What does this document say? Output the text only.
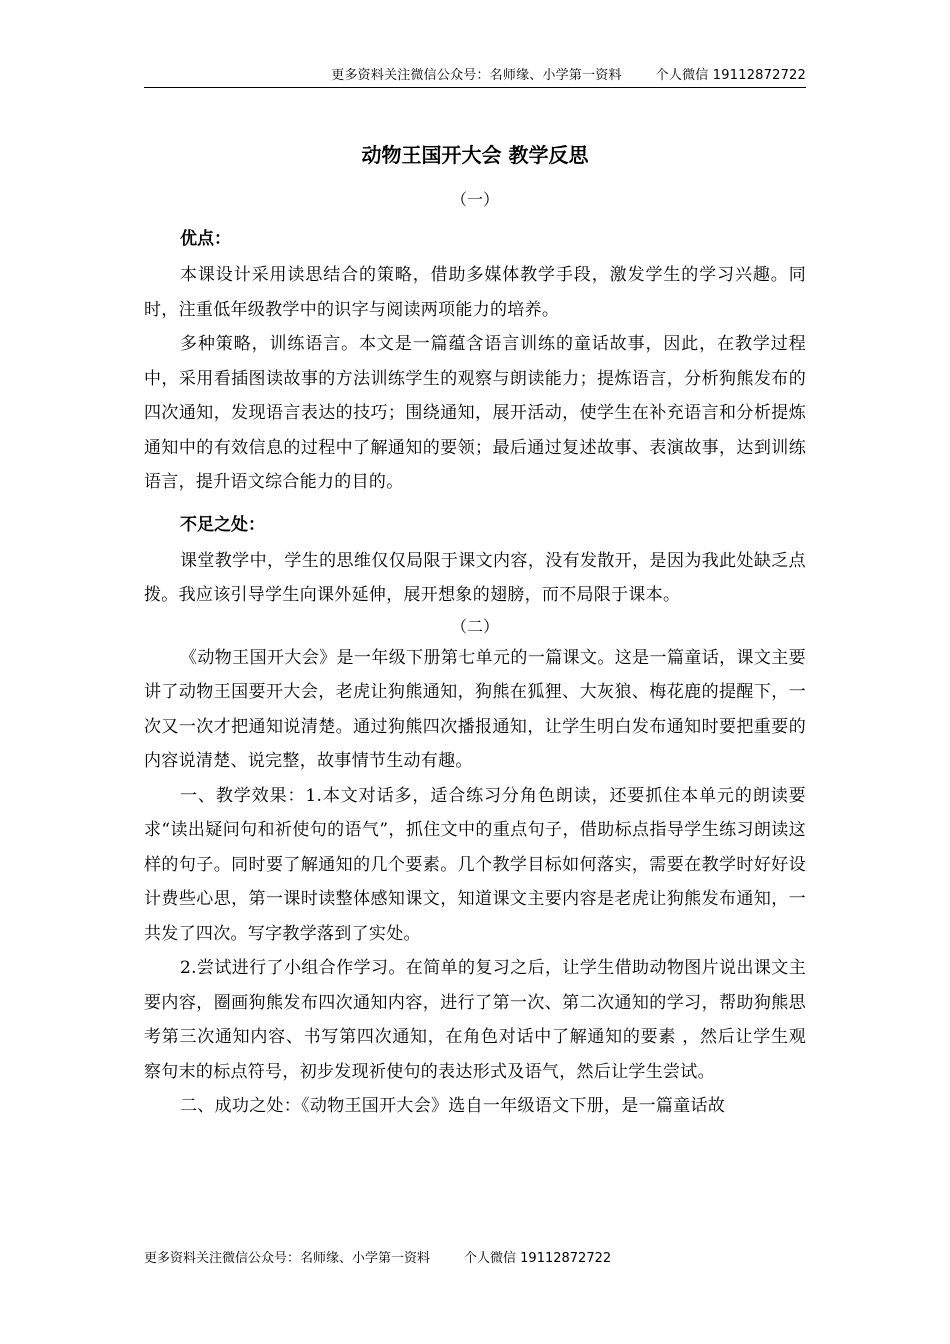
更多资料关注微信公众号：名师缘、小学第一资料	个人微信 19112872722
动物王国开大会 教学反思
（一）
优点：

本课设计采用读思结合的策略，借助多媒体教学手段，激发学生的学习兴趣。同时，注重低年级教学中的识字与阅读两项能力的培养。

多种策略，训练语言。本文是一篇蕴含语言训练的童话故事，因此，在教学过程中，采用看插图读故事的方法训练学生的观察与朗读能力；提炼语言，分析狗熊发布的四次通知，发现语言表达的技巧；围绕通知，展开活动，使学生在补充语言和分析提炼通知中的有效信息的过程中了解通知的要领；最后通过复述故事、表演故事，达到训练语言，提升语文综合能力的目的。

不足之处：

课堂教学中，学生的思维仅仅局限于课文内容，没有发散开，是因为我此处缺乏点拨。我应该引导学生向课外延伸，展开想象的翅膀，而不局限于课本。

（二）

《动物王国开大会》是一年级下册第七单元的一篇课文。这是一篇童话，课文主要讲了动物王国要开大会，老虎让狗熊通知，狗熊在狐狸、大灰狼、梅花鹿的提醒下，一次又一次才把通知说清楚。通过狗熊四次播报通知，让学生明白发布通知时要把重要的内容说清楚、说完整，故事情节生动有趣。

一、教学效果：1.本文对话多，适合练习分角色朗读，还要抓住本单元的朗读要求“读出疑问句和祈使句的语气”，抓住文中的重点句子，借助标点指导学生练习朗读这样的句子。同时要了解通知的几个要素。几个教学目标如何落实，需要在教学时好好设计费些心思，第一课时读整体感知课文，知道课文主要内容是老虎让狗熊发布通知，一共发了四次。写字教学落到了实处。

2.尝试进行了小组合作学习。在简单的复习之后，让学生借助动物图片说出课文主要内容，圈画狗熊发布四次通知内容，进行了第一次、第二次通知的学习，帮助狗熊思考第三次通知内容、书写第四次通知，在角色对话中了解通知的要素 ，然后让学生观察句末的标点符号，初步发现祈使句的表达形式及语气，然后让学生尝试。

二、成功之处：《动物王国开大会》选自一年级语文下册，是一篇童话故

更多资料关注微信公众号：名师缘、小学第一资料	个人微信 19112872722
